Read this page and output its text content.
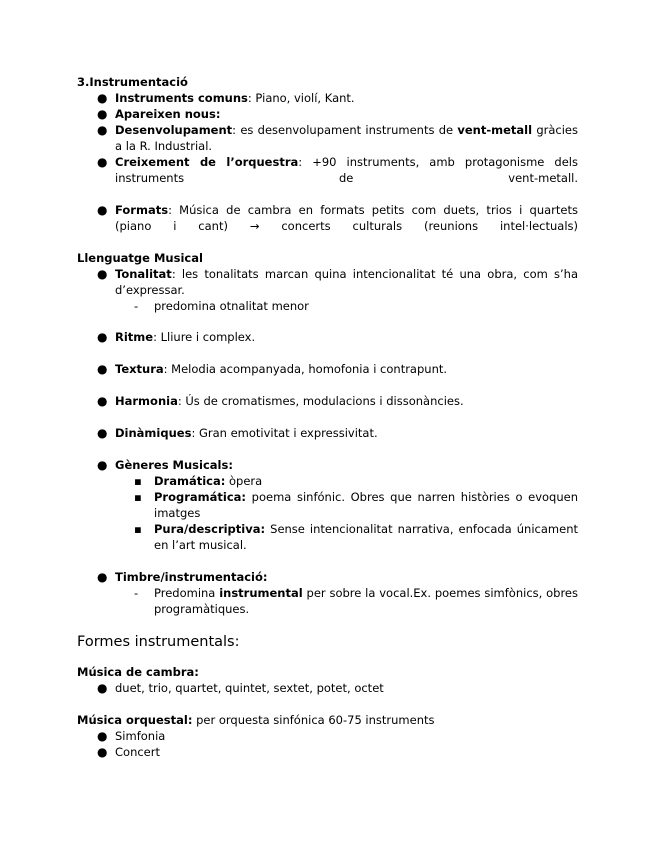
3.Instrumentació

● Instruments comuns: Piano, violí, Kant.

● Apareixen nous:

● Desenvolupament: es desenvolupament instruments de vent-metall gràcies a la R. Industrial.

● Creixement de l’orquestra: +90 instruments, amb protagonisme dels

instruments de vent-metall.

● Formats: Música de cambra en formats petits com duets, trios i quartets

(piano i cant) → concerts culturals (reunions intel·lectuals)

Llenguatge Musical

● Tonalitat: les tonalitats marcan quina intencionalitat té una obra, com s’ha d’expressar.

- predomina otnalitat menor

● Ritme: Lliure i complex.

● Textura: Melodia acompanyada, homofonia i contrapunt.

● Harmonia: Ús de cromatismes, modulacions i dissonàncies.

● Dinàmiques: Gran emotivitat i expressivitat.

● Gèneres Musicals:

▪ Dramática: òpera

▪ Programática: poema sinfónic. Obres que narren històries o evoquen imatges

▪ Pura/descriptiva: Sense intencionalitat narrativa, enfocada únicament en l’art musical.

● Timbre/instrumentació:

- Predomina instrumental per sobre la vocal.Ex. poemes simfònics, obres programàtiques.

Formes instrumentals:

Música de cambra:

● duet, trio, quartet, quintet, sextet, potet, octet

Música orquestal: per orquesta sinfónica 60-75 instruments

● Simfonia

● Concert
